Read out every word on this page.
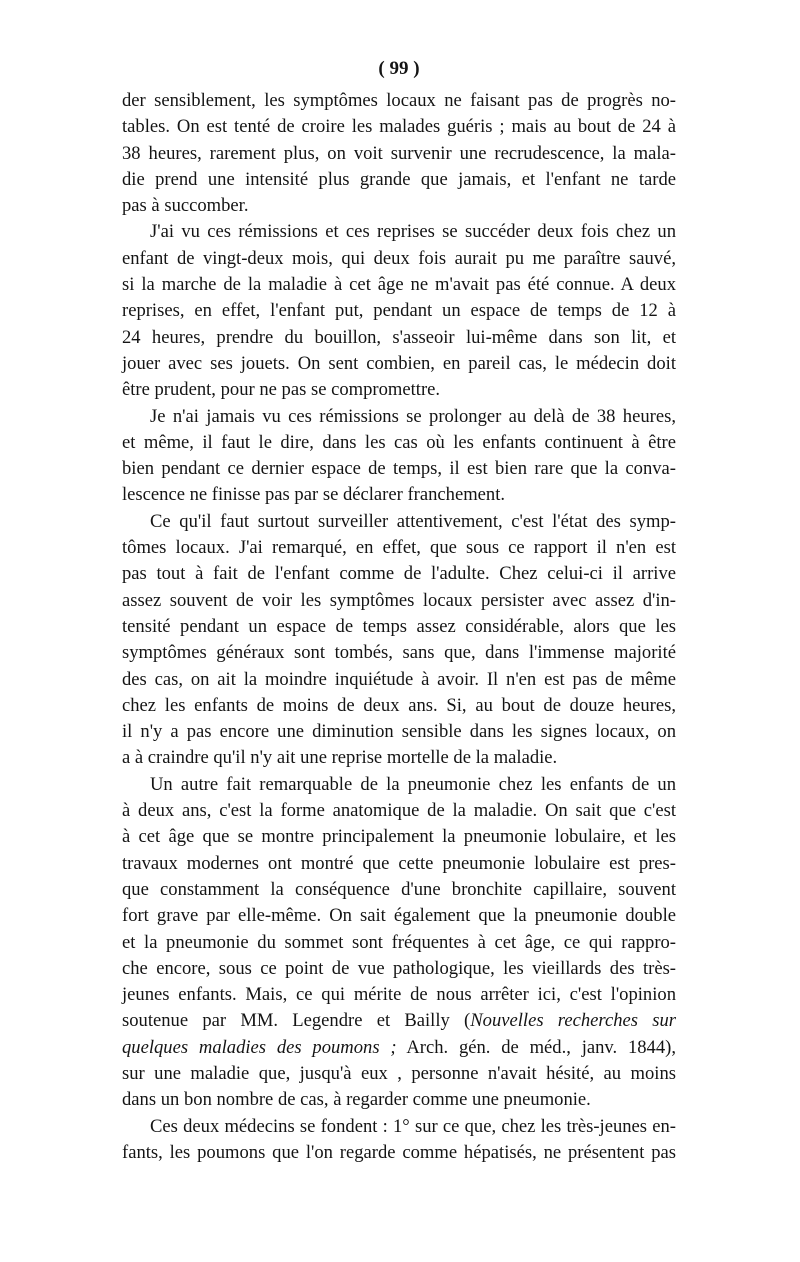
( 99 )

der sensiblement, les symptômes locaux ne faisant pas de progrès no-
tables. On est tenté de croire les malades guéris ; mais au bout de 24 à
38 heures, rarement plus, on voit survenir une recrudescence, la mala-
die prend une intensité plus grande que jamais, et l'enfant ne tarde
pas à succomber.

J'ai vu ces rémissions et ces reprises se succéder deux fois chez un
enfant de vingt-deux mois, qui deux fois aurait pu me paraître sauvé,
si la marche de la maladie à cet âge ne m'avait pas été connue. A deux
reprises, en effet, l'enfant put, pendant un espace de temps de 12 à
24 heures, prendre du bouillon, s'asseoir lui-même dans son lit, et
jouer avec ses jouets. On sent combien, en pareil cas, le médecin doit
être prudent, pour ne pas se compromettre.

Je n'ai jamais vu ces rémissions se prolonger au delà de 38 heures,
et même, il faut le dire, dans les cas où les enfants continuent à être
bien pendant ce dernier espace de temps, il est bien rare que la conva-
lescence ne finisse pas par se déclarer franchement.

Ce qu'il faut surtout surveiller attentivement, c'est l'état des symp-
tômes locaux. J'ai remarqué, en effet, que sous ce rapport il n'en est
pas tout à fait de l'enfant comme de l'adulte. Chez celui-ci il arrive
assez souvent de voir les symptômes locaux persister avec assez d'in-
tensité pendant un espace de temps assez considérable, alors que les
symptômes généraux sont tombés, sans que, dans l'immense majorité
des cas, on ait la moindre inquiétude à avoir. Il n'en est pas de même
chez les enfants de moins de deux ans. Si, au bout de douze heures,
il n'y a pas encore une diminution sensible dans les signes locaux, on
a à craindre qu'il n'y ait une reprise mortelle de la maladie.

Un autre fait remarquable de la pneumonie chez les enfants de un
à deux ans, c'est la forme anatomique de la maladie. On sait que c'est
à cet âge que se montre principalement la pneumonie lobulaire, et les
travaux modernes ont montré que cette pneumonie lobulaire est pres-
que constamment la conséquence d'une bronchite capillaire, souvent
fort grave par elle-même. On sait également que la pneumonie double
et la pneumonie du sommet sont fréquentes à cet âge, ce qui rappro-
che encore, sous ce point de vue pathologique, les vieillards des très-
jeunes enfants. Mais, ce qui mérite de nous arrêter ici, c'est l'opinion
soutenue par MM. Legendre et Bailly (Nouvelles recherches sur
quelques maladies des poumons ; Arch. gén. de méd., janv. 1844),
sur une maladie que, jusqu'à eux , personne n'avait hésité, au moins
dans un bon nombre de cas, à regarder comme une pneumonie.

Ces deux médecins se fondent : 1° sur ce que, chez les très-jeunes en-
fants, les poumons que l'on regarde comme hépatisés, ne présentent pas
